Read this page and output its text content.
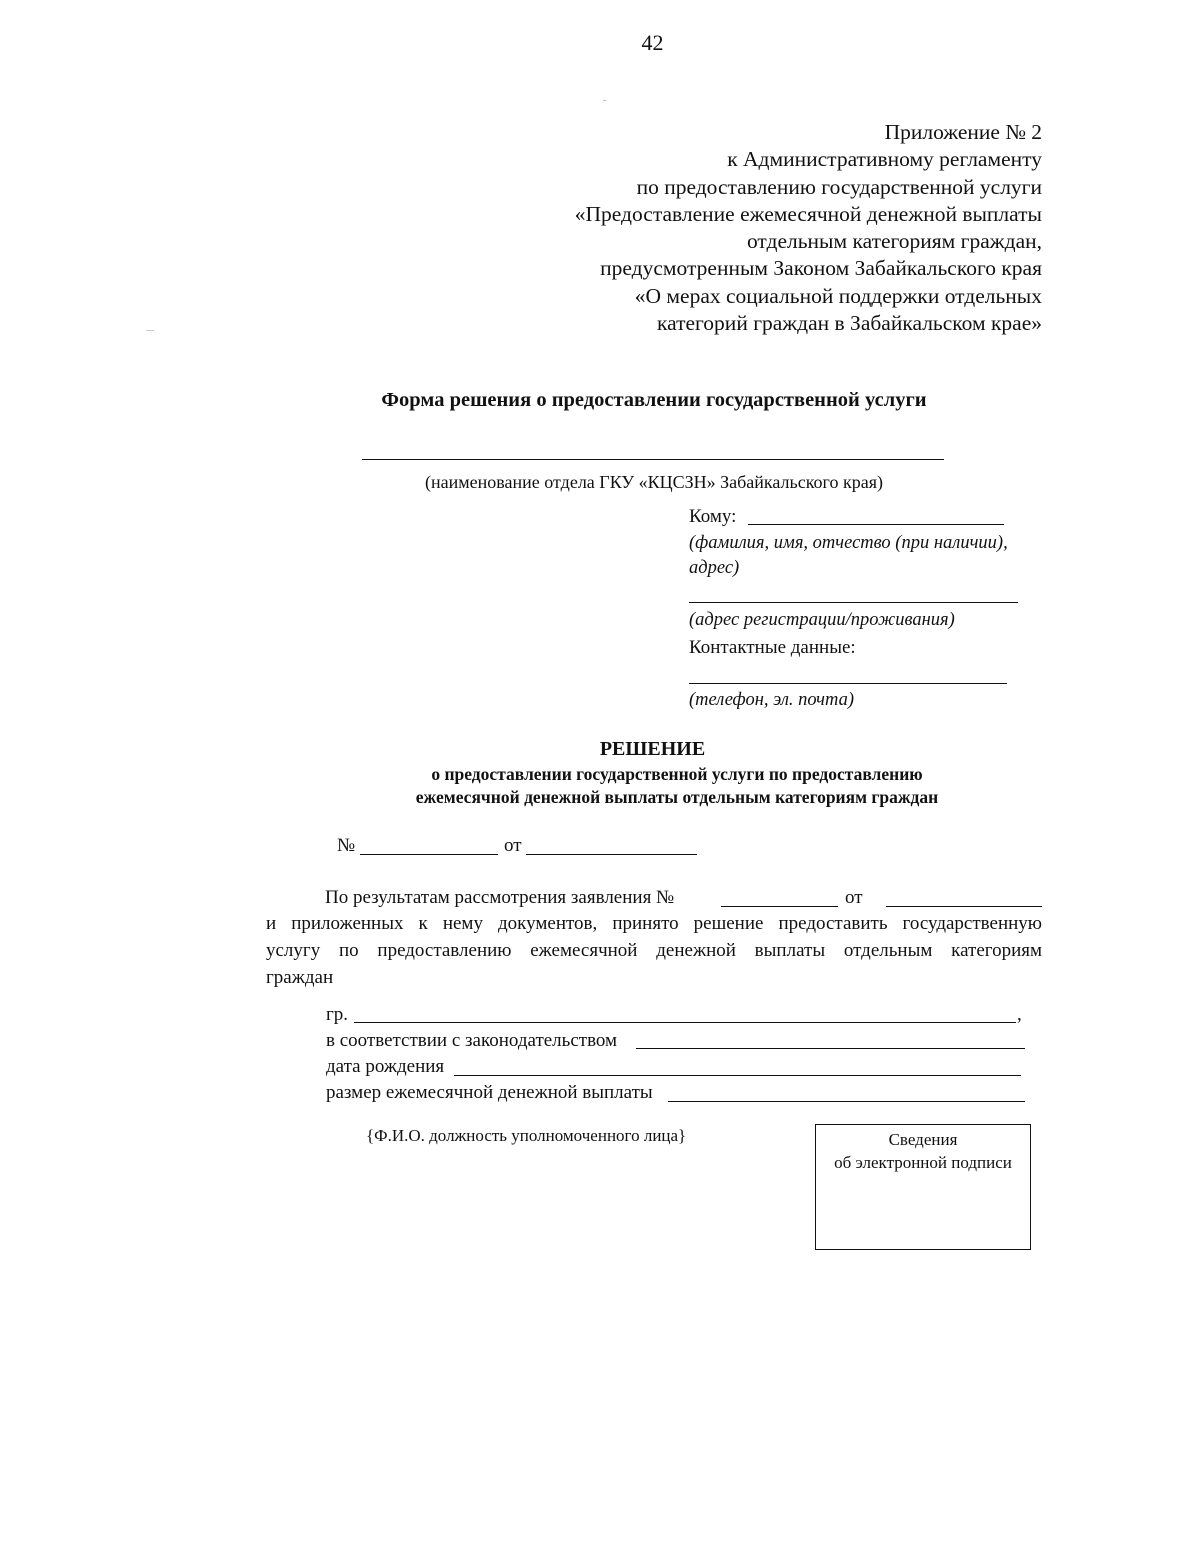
42
Приложение № 2
к Административному регламенту
по предоставлению государственной услуги
«Предоставление ежемесячной денежной выплаты
отдельным категориям граждан,
предусмотренным Законом Забайкальского края
«О мерах социальной поддержки отдельных
категорий граждан в Забайкальском крае»
Форма решения о предоставлении государственной услуги
(наименование отдела ГКУ «КЦСЗН» Забайкальского края)
Кому:
(фамилия, имя, отчество (при наличии),
адрес)
(адрес регистрации/проживания)
Контактные данные:
(телефон, эл. почта)
РЕШЕНИЕ
о предоставлении государственной услуги по предоставлению
ежемесячной денежной выплаты отдельным категориям граждан
№	от
По результатам рассмотрения заявления №	от
и приложенных к нему документов, принято решение предоставить государственную
услугу по предоставлению ежемесячной денежной выплаты отдельным категориям
граждан
гр.	,
в соответствии с законодательством
дата рождения
размер ежемесячной денежной выплаты
{Ф.И.О. должность уполномоченного лица}	Сведения
об электронной подписи
